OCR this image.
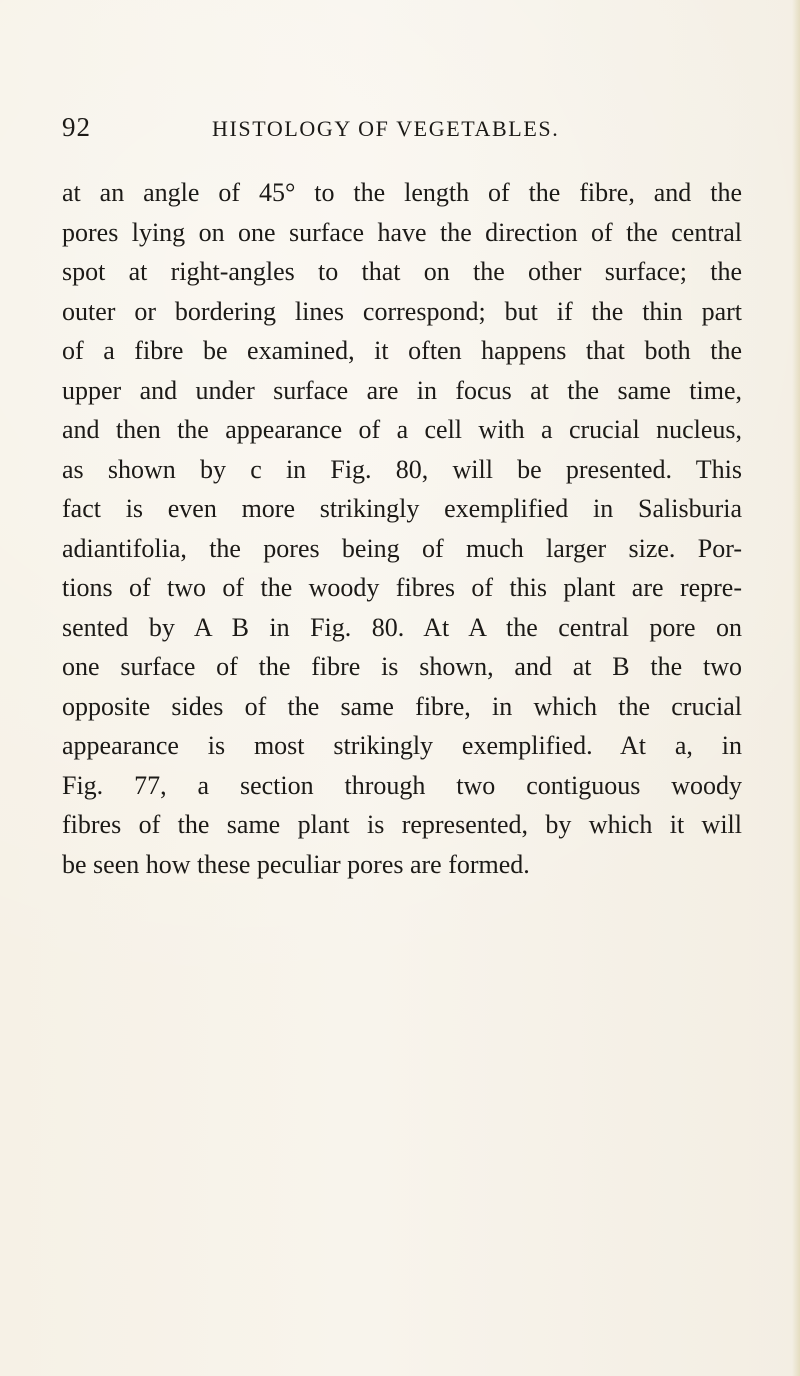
92	HISTOLOGY OF VEGETABLES.
at an angle of 45° to the length of the fibre, and the
pores lying on one surface have the direction of the central
spot at right-angles to that on the other surface; the
outer or bordering lines correspond; but if the thin part
of a fibre be examined, it often happens that both the
upper and under surface are in focus at the same time,
and then the appearance of a cell with a crucial nucleus,
as shown by c in Fig. 80, will be presented. This
fact is even more strikingly exemplified in Salisburia
adiantifolia, the pores being of much larger size. Por-
tions of two of the woody fibres of this plant are repre-
sented by A B in Fig. 80. At A the central pore on
one surface of the fibre is shown, and at B the two
opposite sides of the same fibre, in which the crucial
appearance is most strikingly exemplified. At a, in
Fig. 77, a section through two contiguous woody
fibres of the same plant is represented, by which it will
be seen how these peculiar pores are formed.
